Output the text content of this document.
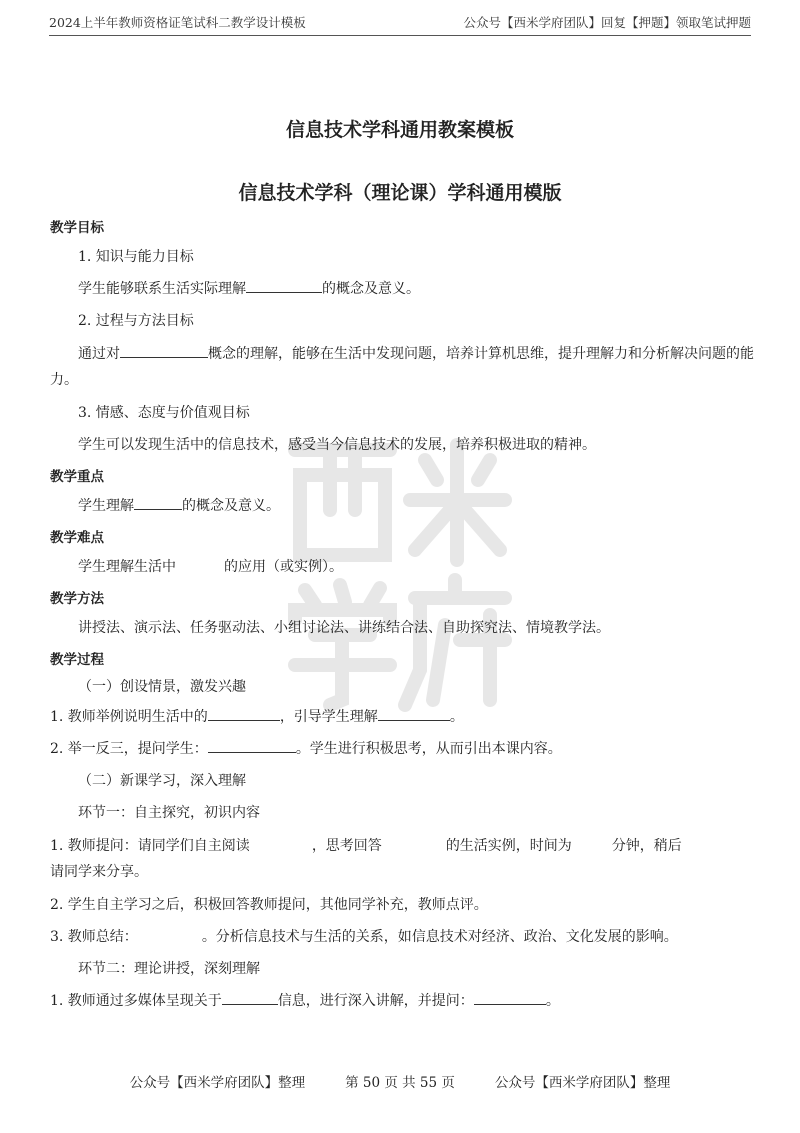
2024上半年教师资格证笔试科二教学设计模板	公众号【西米学府团队】回复【押题】领取笔试押题
信息技术学科通用教案模板
信息技术学科（理论课）学科通用模版

教学目标

1. 知识与能力目标

学生能够联系生活实际理解	的概念及意义。

2. 过程与方法目标

通过对	概念的理解，能够在生活中发现问题，培养计算机思维，提升理解力和分析解决问题的能

力。

3. 情感、态度与价值观目标

学生可以发现生活中的信息技术，感受当今信息技术的发展，培养积极进取的精神。

教学重点

学生理解	的概念及意义。

教学难点

学生理解生活中	的应用（或实例）。

教学方法

讲授法、演示法、任务驱动法、小组讨论法、讲练结合法、自助探究法、情境教学法。

教学过程

（一）创设情景，激发兴趣

1. 教师举例说明生活中的	，引导学生理解	。

2. 举一反三，提问学生：	。学生进行积极思考，从而引出本课内容。

（二）新课学习，深入理解

环节一：自主探究，初识内容

1. 教师提问：请同学们自主阅读	，思考回答	的生活实例，时间为	分钟，稍后

请同学来分享。

2. 学生自主学习之后，积极回答教师提问，其他同学补充，教师点评。

3. 教师总结：	。分析信息技术与生活的关系，如信息技术对经济、政治、文化发展的影响。

环节二：理论讲授，深刻理解

1. 教师通过多媒体呈现关于	信息，进行深入讲解，并提问：	。

公众号【西米学府团队】整理	第 50 页 共 55 页	公众号【西米学府团队】整理
